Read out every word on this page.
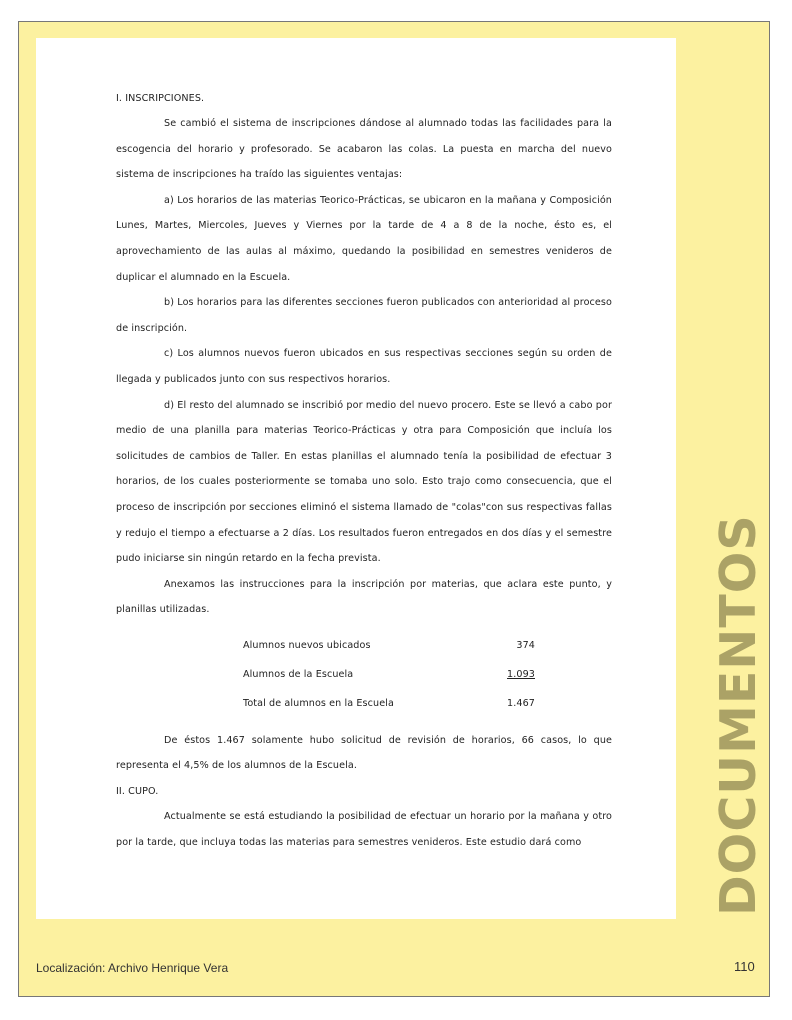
I. INSCRIPCIONES.

Se cambió el sistema de inscripciones dándose al alumnado todas las facilidades para la escogencia del horario y profesorado. Se acabaron las colas. La puesta en marcha del nuevo sistema de inscripciones ha traído las siguientes ventajas:

a) Los horarios de las materias Teorico-Prácticas, se ubicaron en la mañana y Composición Lunes, Martes, Miercoles, Jueves y Viernes por la tarde de 4 a 8 de la noche, ésto es, el aprovechamiento de las aulas al máximo, quedando la posibilidad en semestres venideros de duplicar el alumnado en la Escuela.

b) Los horarios para las diferentes secciones fueron publicados con anterioridad al proceso de inscripción.

c) Los alumnos nuevos fueron ubicados en sus respectivas secciones según su orden de llegada y publicados junto con sus respectivos horarios.

d) El resto del alumnado se inscribió por medio del nuevo procero. Este se llevó a cabo por medio de una planilla para materias Teorico-Prácticas y otra para Composición que incluía los solicitudes de cambios de Taller. En estas planillas el alumnado tenía la posibilidad de efectuar 3 horarios, de los cuales posteriormente se tomaba uno solo. Esto trajo como consecuencia, que el proceso de inscripción por secciones eliminó el sistema llamado de "colas"con sus respectivas fallas y redujo el tiempo a efectuarse a 2 días. Los resultados fueron entregados en dos días y el semestre pudo iniciarse sin ningún retardo en la fecha prevista.

Anexamos las instrucciones para la inscripción por materias, que aclara este punto, y planillas utilizadas.

Alumnos nuevos ubicados	374
Alumnos de la Escuela	1.093
Total de alumnos en la Escuela	1.467

De éstos 1.467 solamente hubo solicitud de revisión de horarios, 66 casos, lo que representa el 4,5% de los alumnos de la Escuela.

II. CUPO.

Actualmente se está estudiando la posibilidad de efectuar un horario por la mañana y otro por la tarde, que incluya todas las materias para semestres venideros. Este estudio dará como	DOCUMENTOS
Localización: Archivo Henrique Vera	110
